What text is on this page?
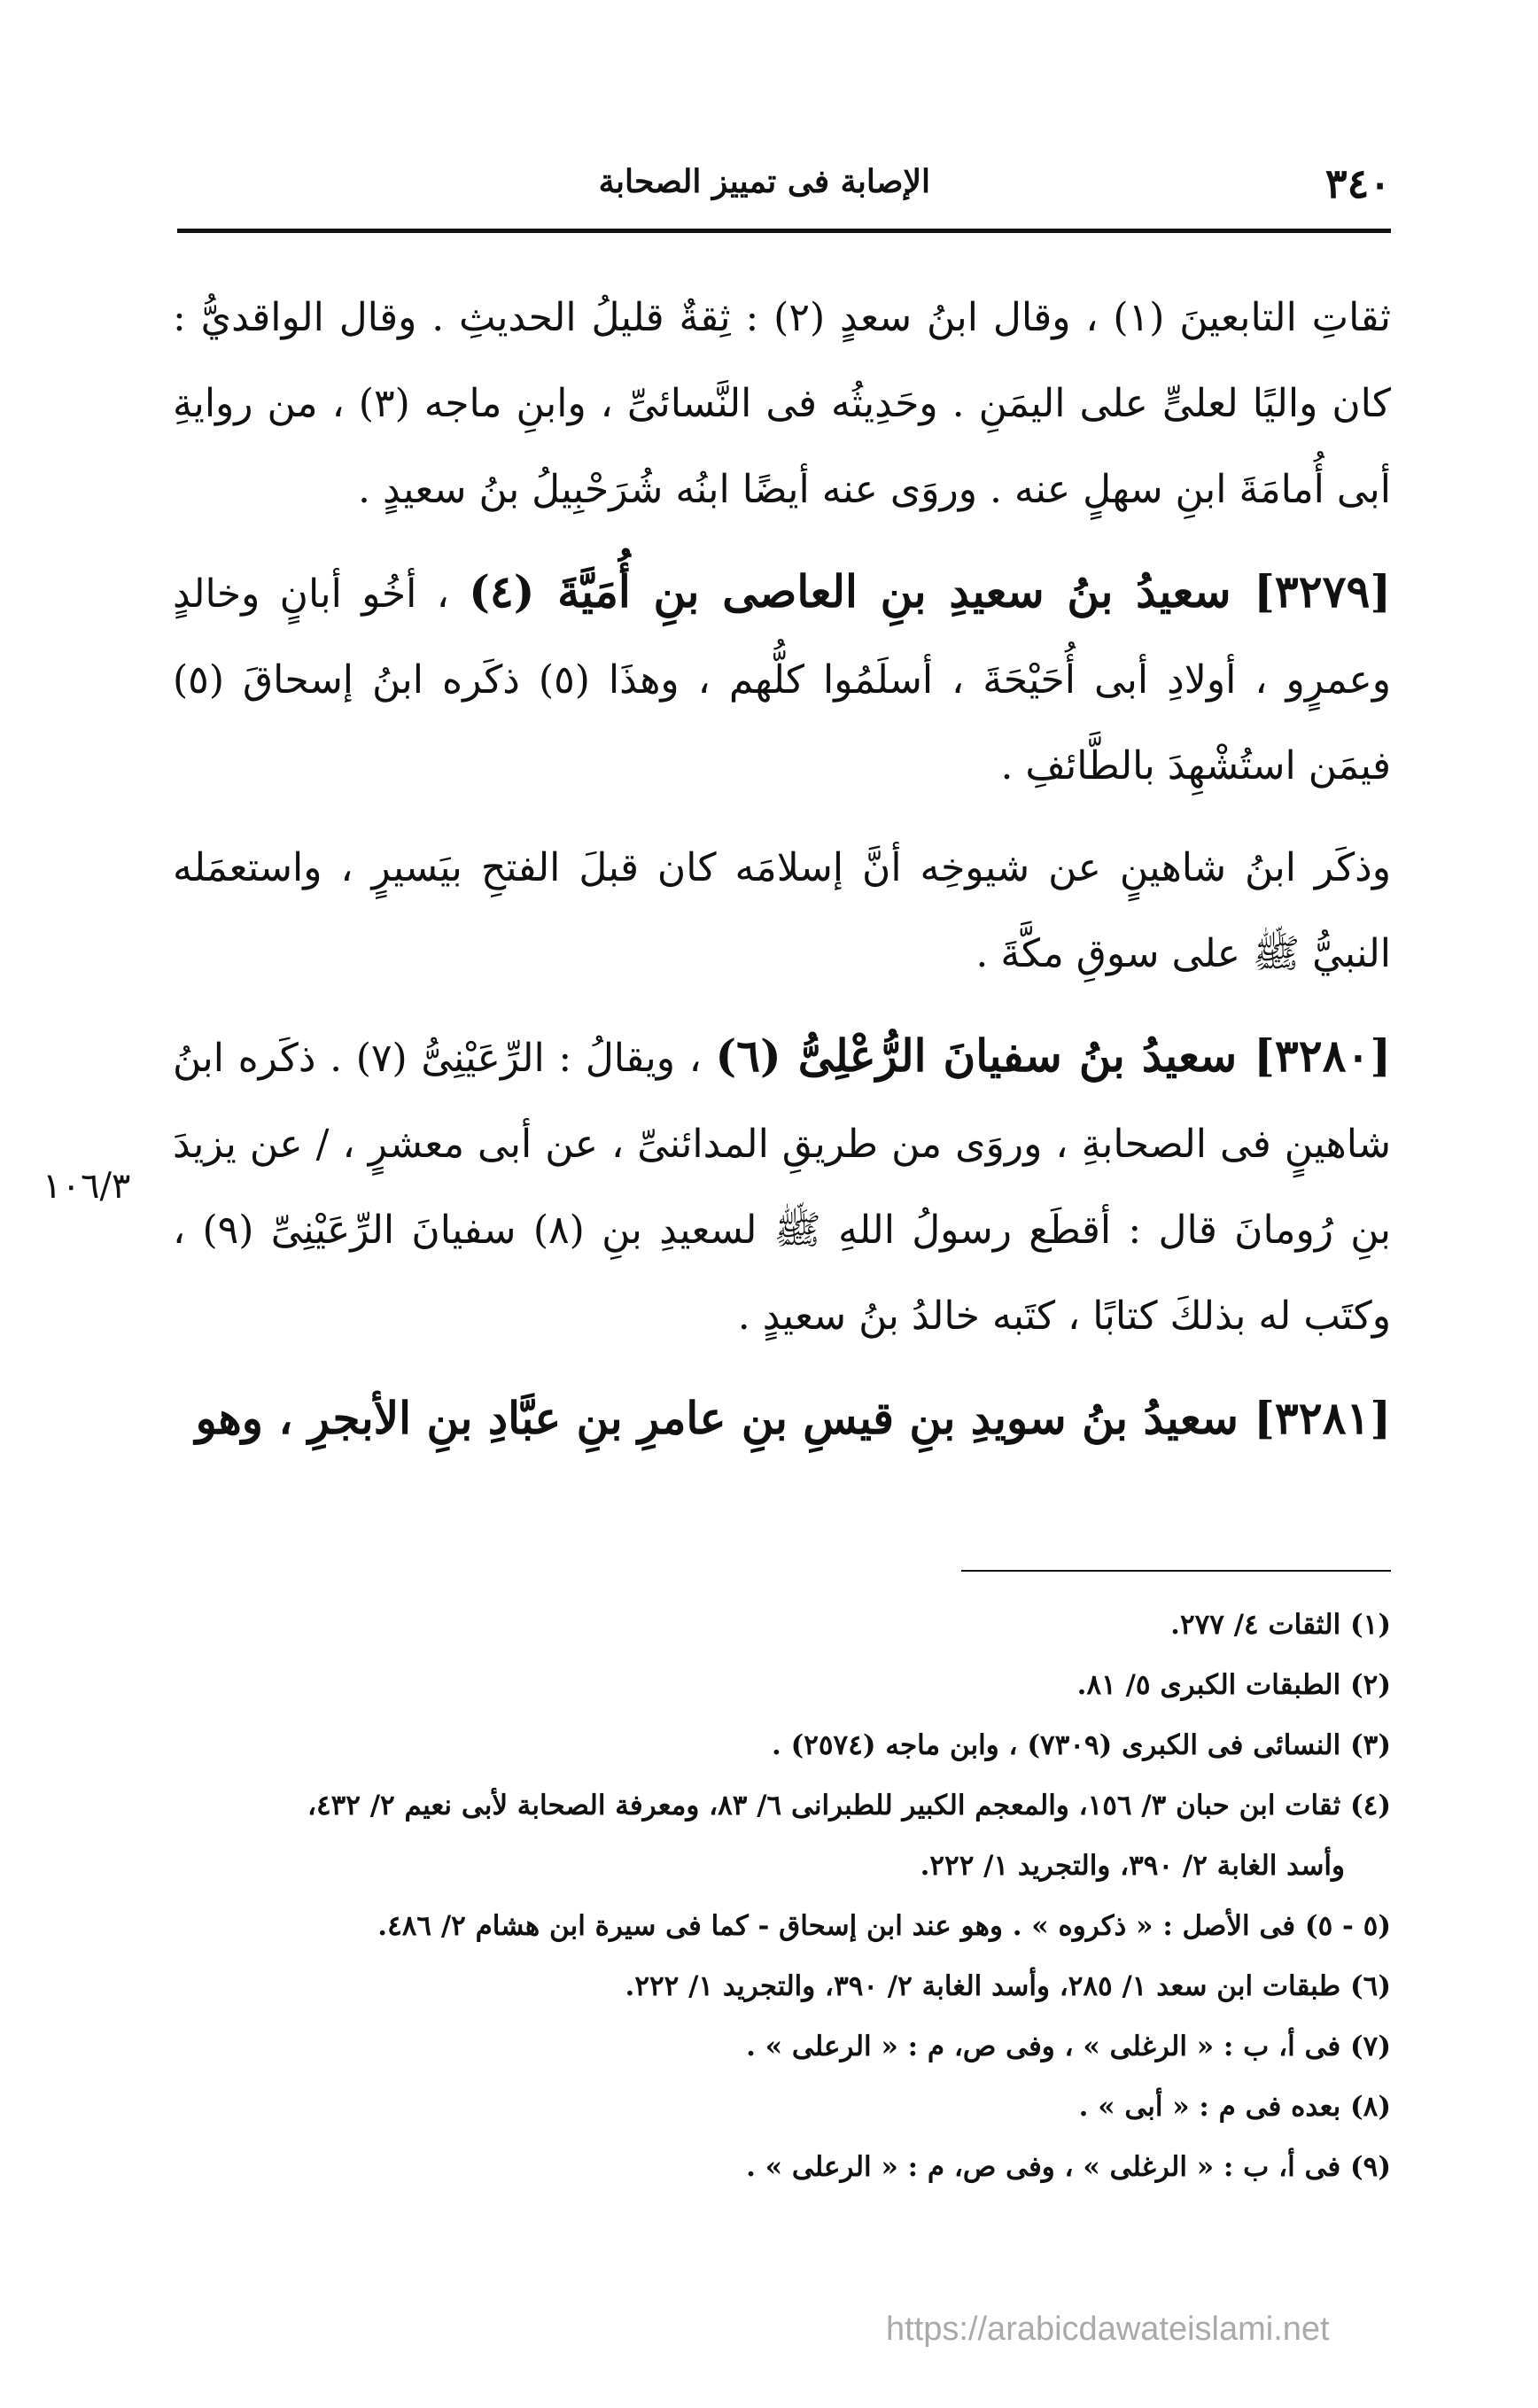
٣٤٠
الإصابة فى تمييز الصحابة

ثقاتِ التابعينَ (١) ، وقال ابنُ سعدٍ (٢) : ثِقةٌ قليلُ الحديثِ . وقال الواقديُّ : كان واليًا لعلىٍّ على اليمَنِ . وحَدِيثُه فى النَّسائىِّ ، وابنِ ماجه (٣) ، من روايةِ أبى أُمامَةَ ابنِ سهلٍ عنه . وروَى عنه أيضًا ابنُه شُرَحْبِيلُ بنُ سعيدٍ .

[٣٢٧٩] سعيدُ بنُ سعيدِ بنِ العاصى بنِ أُمَيَّةَ (٤) ، أخُو أبانٍ وخالدٍ وعمرٍو ، أولادِ أبى أُحَيْحَةَ ، أسلَمُوا كلُّهم ، وهذَا (٥) ذكَره ابنُ إسحاقَ (٥) فيمَن استُشْهِدَ بالطَّائفِ .

وذكَر ابنُ شاهينٍ عن شيوخِه أنَّ إسلامَه كان قبلَ الفتحِ بيَسيرٍ ، واستعمَله النبيُّ ﷺ على سوقِ مكَّةَ .

[٣٢٨٠] سعيدُ بنُ سفيانَ الرُّعْلِىُّ (٦) ، ويقالُ : الرِّعَيْنِىُّ (٧) . ذكَره ابنُ شاهينٍ فى الصحابةِ ، وروَى من طريقِ المدائنىِّ ، عن أبى معشرٍ ، / عن يزيدَ بنِ رُومانَ قال : أقطَع رسولُ اللهِ ﷺ لسعيدِ بنِ (٨) سفيانَ الرِّعَيْنِىِّ (٩) ، وكتَب له بذلكَ كتابًا ، كتَبه خالدُ بنُ سعيدٍ .

[٣٢٨١] سعيدُ بنُ سويدِ بنِ قيسِ بنِ عامرِ بنِ عبَّادِ بنِ الأبجرِ ، وهو

١٠٦/٣

(١) الثقات ٤/ ٢٧٧.

(٢) الطبقات الكبرى ٥/ ٨١.

(٣) النسائى فى الكبرى (٧٣٠٩) ، وابن ماجه (٢٥٧٤) .

(٤) ثقات ابن حبان ٣/ ١٥٦، والمعجم الكبير للطبرانى ٦/ ٨٣، ومعرفة الصحابة لأبى نعيم ٢/ ٤٣٢،

وأسد الغابة ٢/ ٣٩٠، والتجريد ١/ ٢٢٢.

(٥ - ٥) فى الأصل : « ذكروه » . وهو عند ابن إسحاق - كما فى سيرة ابن هشام ٢/ ٤٨٦.

(٦) طبقات ابن سعد ١/ ٢٨٥، وأسد الغابة ٢/ ٣٩٠، والتجريد ١/ ٢٢٢.

(٧) فى أ، ب : « الرغلى » ، وفى ص، م : « الرعلى » .

(٨) بعده فى م : « أبى » .

(٩) فى أ، ب : « الرغلى » ، وفى ص، م : « الرعلى » .

https://arabicdawateislami.net
